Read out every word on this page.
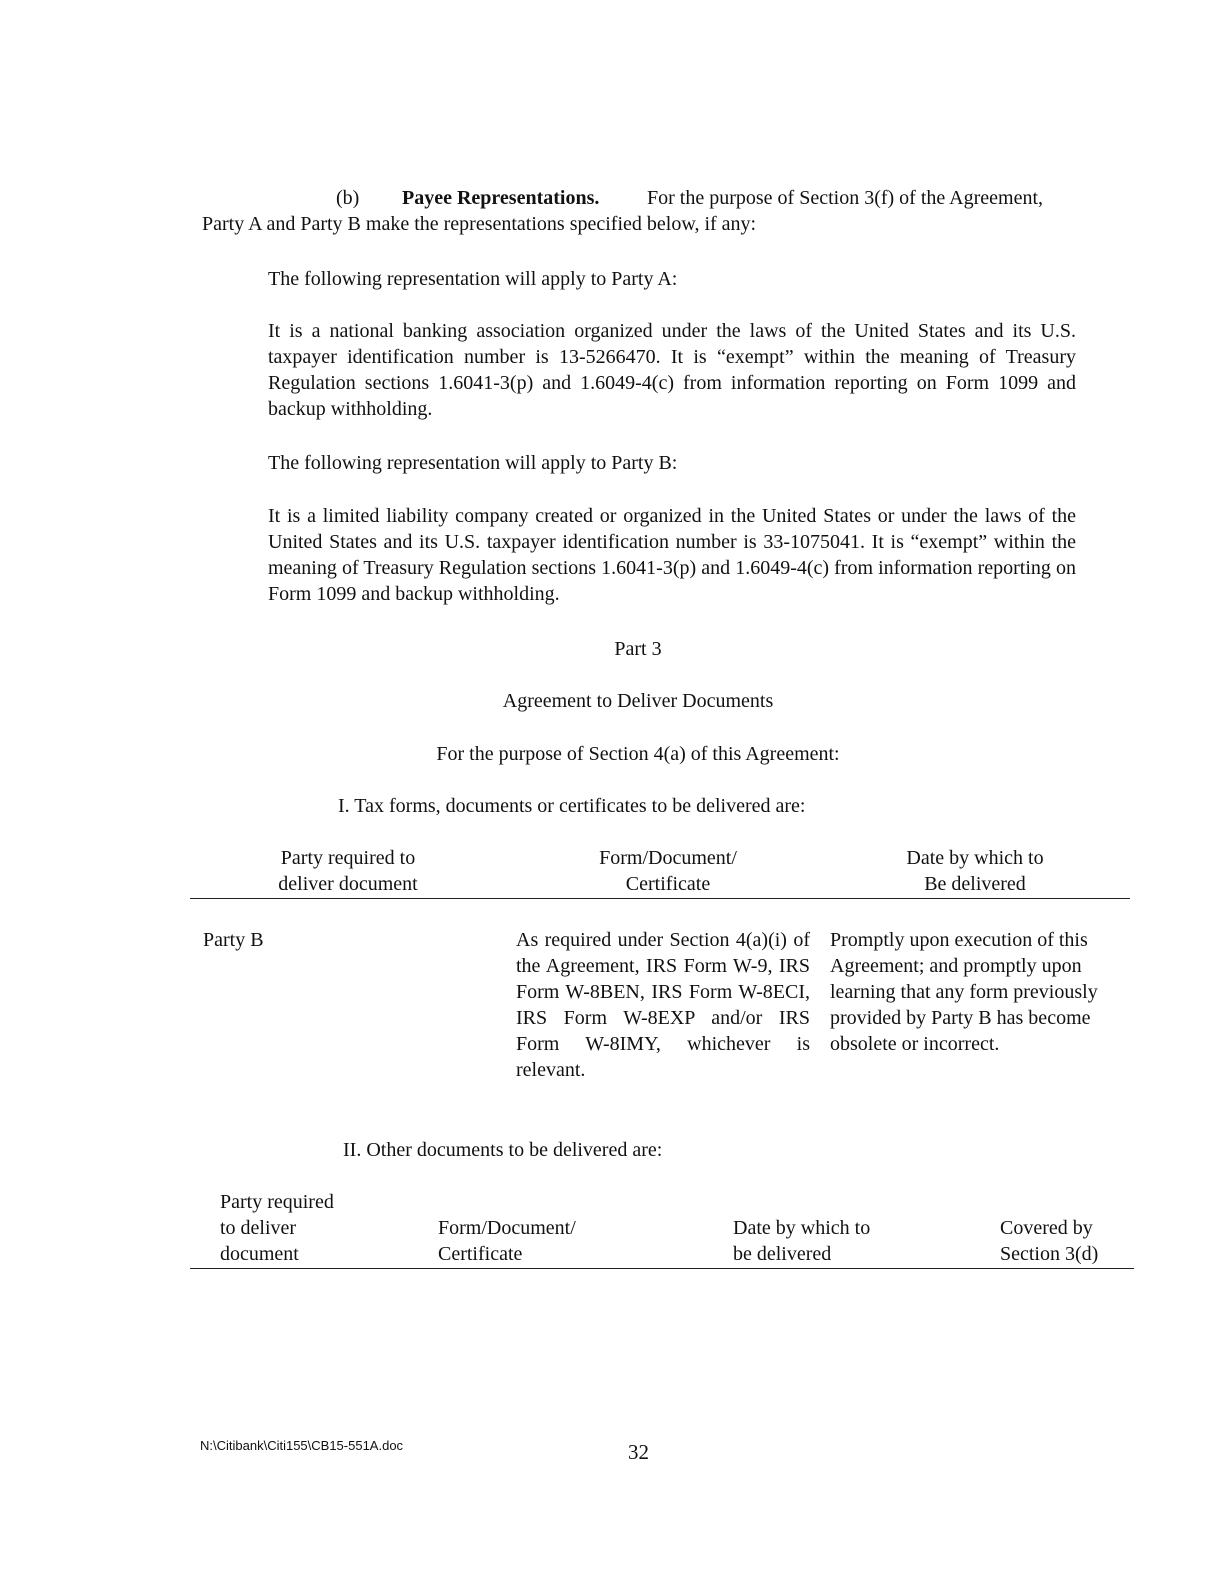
(b) Payee Representations. For the purpose of Section 3(f) of the Agreement,
Party A and Party B make the representations specified below, if any:
The following representation will apply to Party A:
It is a national banking association organized under the laws of the United States and its U.S. taxpayer identification number is 13-5266470. It is “exempt” within the meaning of Treasury Regulation sections 1.6041-3(p) and 1.6049-4(c) from information reporting on Form 1099 and backup withholding.
The following representation will apply to Party B:
It is a limited liability company created or organized in the United States or under the laws of the United States and its U.S. taxpayer identification number is 33-1075041. It is “exempt” within the meaning of Treasury Regulation sections 1.6041-3(p) and 1.6049-4(c) from information reporting on Form 1099 and backup withholding.
Part 3
Agreement to Deliver Documents
For the purpose of Section 4(a) of this Agreement:
I. Tax forms, documents or certificates to be delivered are:
Party required to
deliver document
Form/Document/
Certificate
Date by which to
Be delivered
Party B	As required under Section 4(a)(i) of the Agreement, IRS Form W-9, IRS Form W-8BEN, IRS Form W-8ECI, IRS Form W-8EXP and/or IRS Form W-8IMY, whichever is relevant.
Promptly upon execution of this Agreement; and promptly upon learning that any form previously provided by Party B has become obsolete or incorrect.
II. Other documents to be delivered are:
Party required
to deliver
document
Form/Document/
Certificate
Date by which to
be delivered
Covered by
Section 3(d)
N:\Citibank\Citi155\CB15-551A.doc	32
